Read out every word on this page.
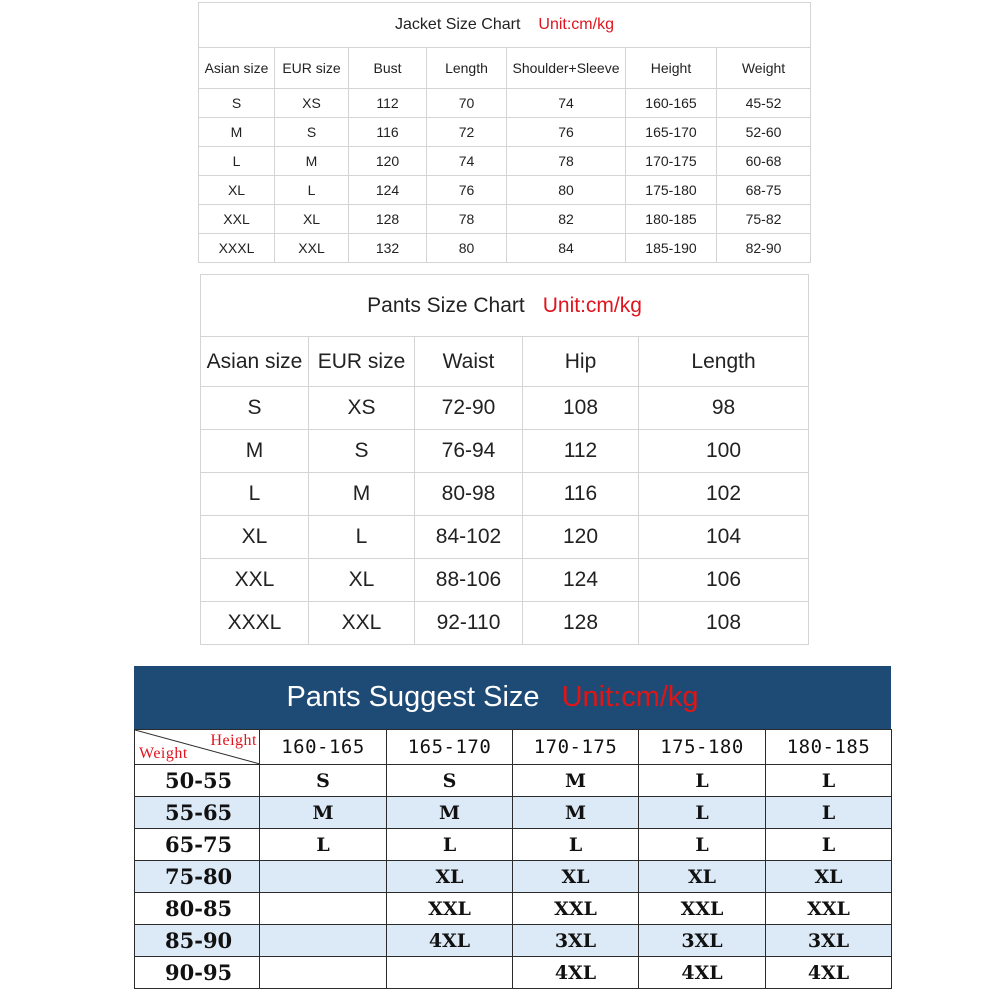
Jacket Size Chart Unit:cm/kg						
Asian size	EUR size	Bust	Length	Shoulder+Sleeve	Height	Weight
S	XS	112	70	74	160-165	45-52
M	S	116	72	76	165-170	52-60
L	M	120	74	78	170-175	60-68
XL	L	124	76	80	175-180	68-75
XXL	XL	128	78	82	180-185	75-82
XXXL	XXL	132	80	84	185-190	82-90
Pants Size Chart Unit:cm/kg				
Asian size	EUR size	Waist	Hip	Length
S	XS	72-90	108	98
M	S	76-94	112	100
L	M	80-98	116	102
XL	L	84-102	120	104
XXL	XL	88-106	124	106
XXXL	XXL	92-110	128	108
Pants Suggest Size Unit:cm/kg
Height
Weight	160-165	165-170	170-175	175-180	180-185
50-55	S	S	M	L	L
55-65	M	M	M	L	L
65-75	L	L	L	L	L
75-80		XL	XL	XL	XL
80-85		XXL	XXL	XXL	XXL
85-90		4XL	3XL	3XL	3XL
90-95			4XL	4XL	4XL
